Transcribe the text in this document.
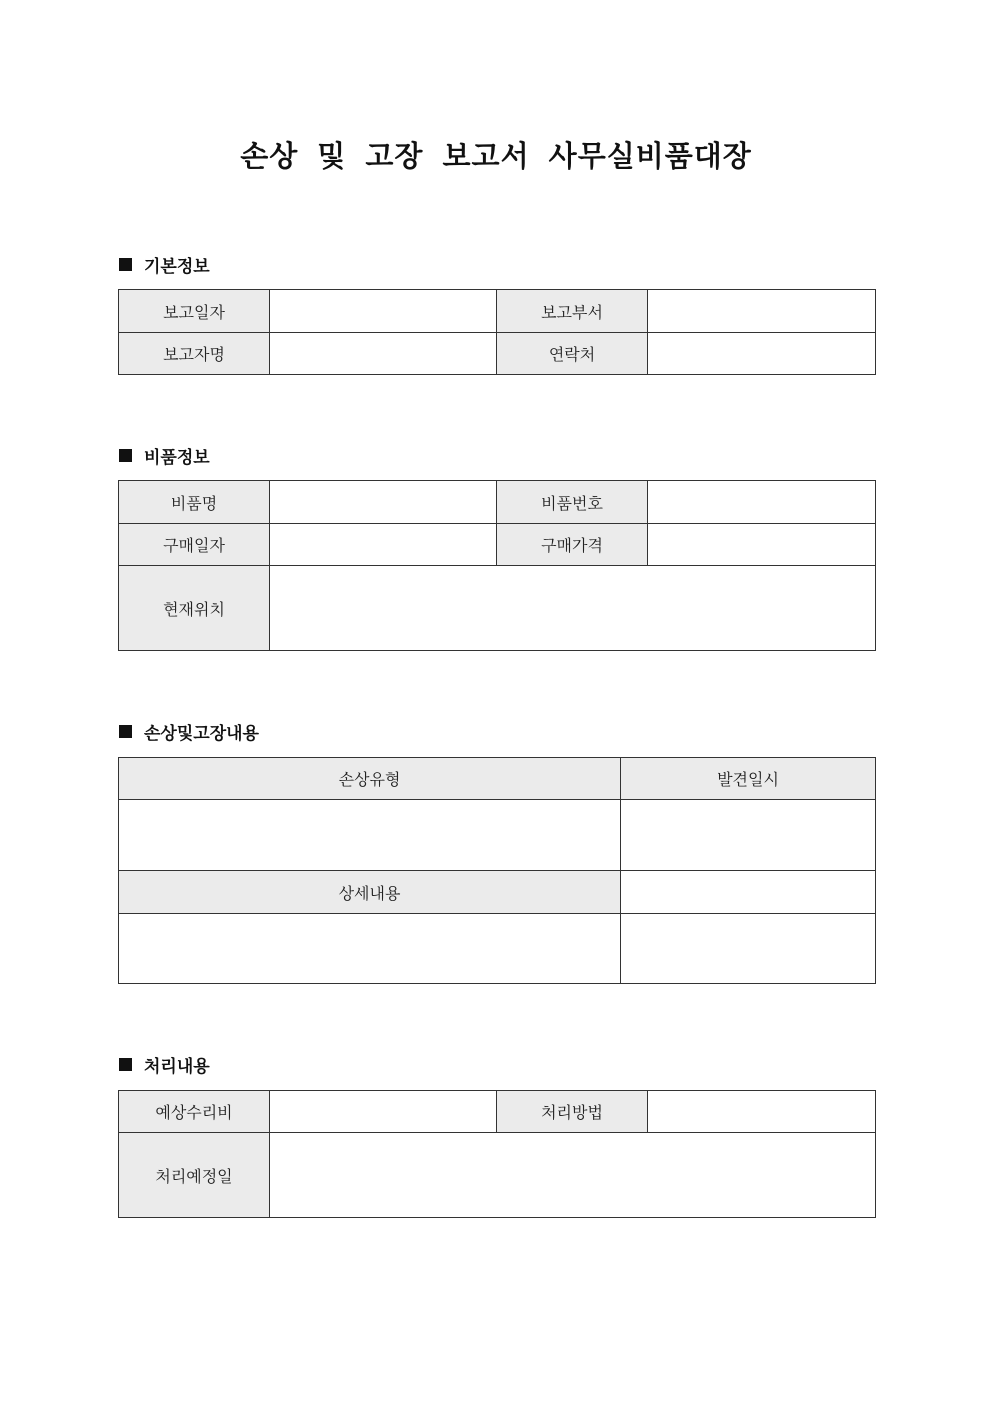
손상 및 고장 보고서 사무실비품대장
기본정보
보고일자		보고부서	
보고자명		연락처	
비품정보
비품명		비품번호	
구매일자		구매가격	
현재위치			
손상및고장내용
손상유형	발견일시

상세내용	

처리내용
예상수리비		처리방법	
처리예정일			
